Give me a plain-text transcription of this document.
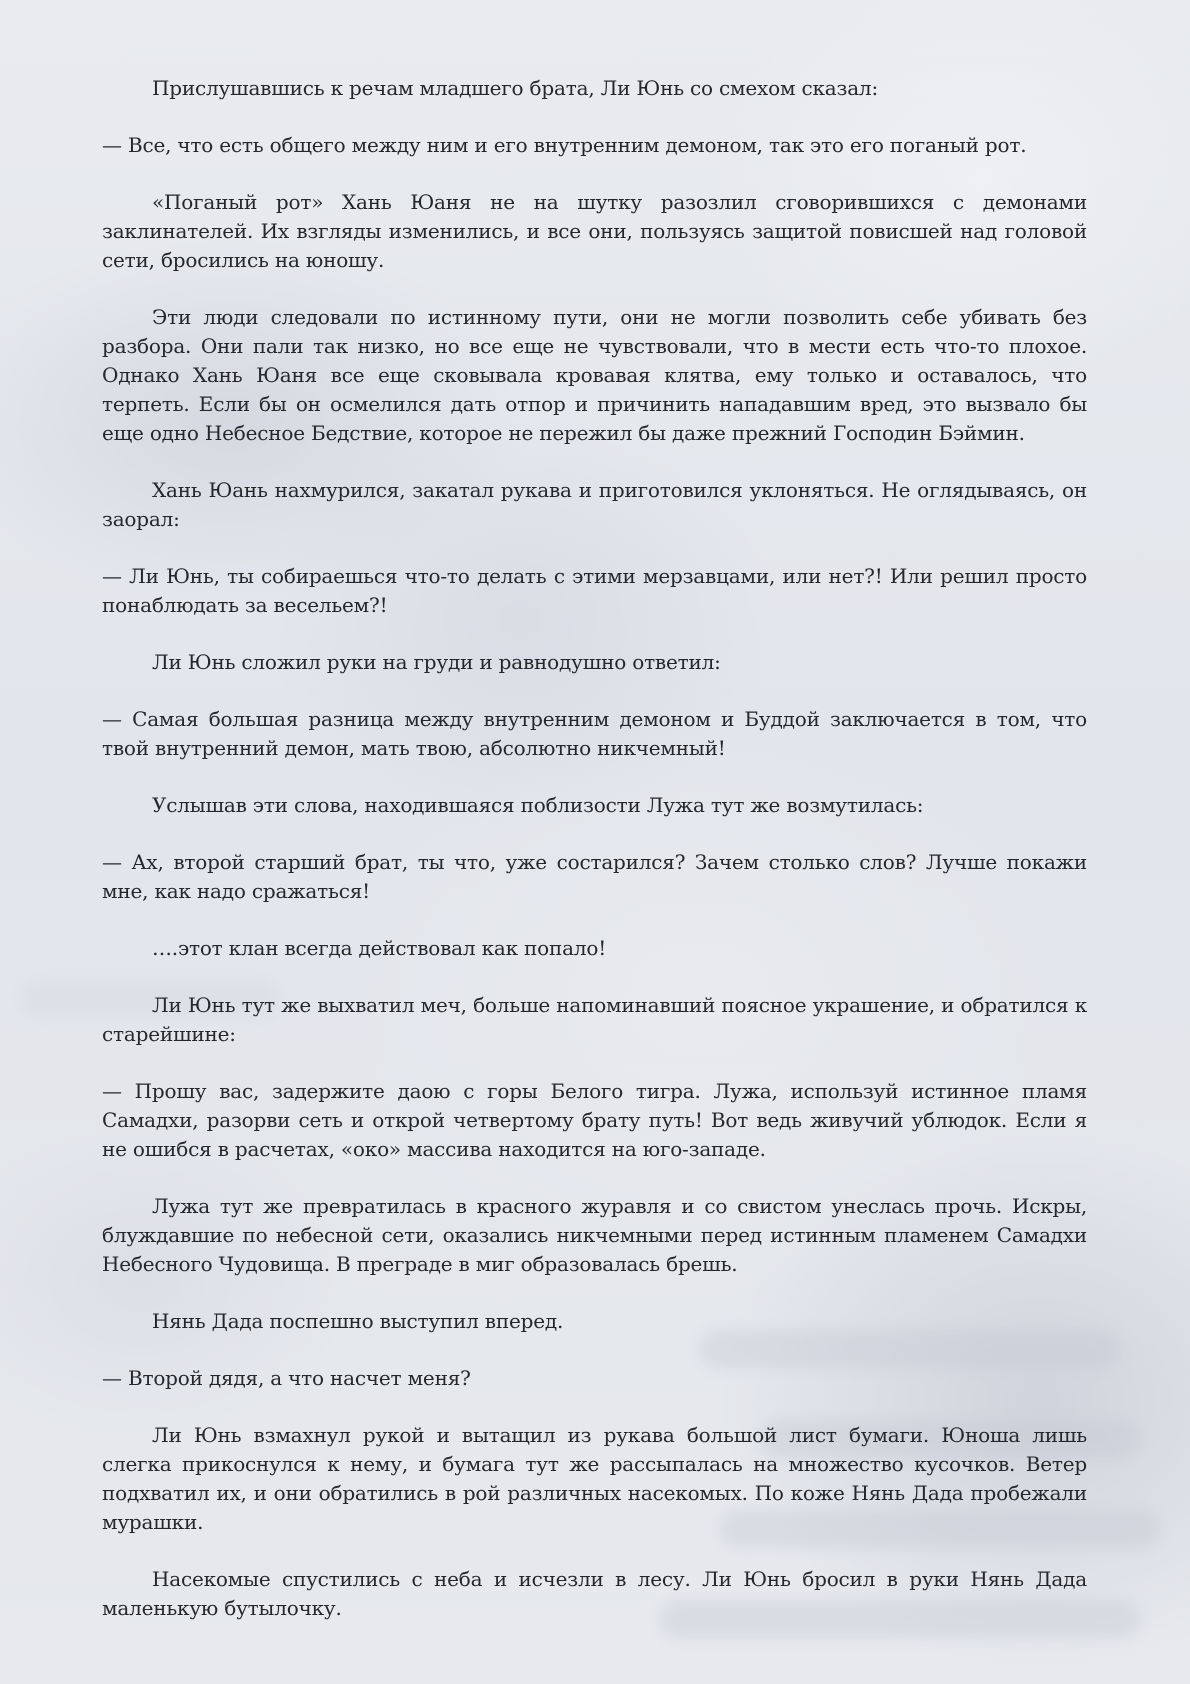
Прислушавшись к речам младшего брата, Ли Юнь со смехом сказал:

— Все, что есть общего между ним и его внутренним демоном, так это его поганый рот.

«Поганый рот» Хань Юаня не на шутку разозлил сговорившихся с демонами заклинателей. Их взгляды изменились, и все они, пользуясь защитой повисшей над головой сети, бросились на юношу.

Эти люди следовали по истинному пути, они не могли позволить себе убивать без разбора. Они пали так низко, но все еще не чувствовали, что в мести есть что-то плохое. Однако Хань Юаня все еще сковывала кровавая клятва, ему только и оставалось, что терпеть. Если бы он осмелился дать отпор и причинить нападавшим вред, это вызвало бы еще одно Небесное Бедствие, которое не пережил бы даже прежний Господин Бэймин.

Хань Юань нахмурился, закатал рукава и приготовился уклоняться. Не оглядываясь, он заорал:

— Ли Юнь, ты собираешься что-то делать с этими мерзавцами, или нет?! Или решил просто понаблюдать за весельем?!

Ли Юнь сложил руки на груди и равнодушно ответил:

— Самая большая разница между внутренним демоном и Буддой заключается в том, что твой внутренний демон, мать твою, абсолютно никчемный!

Услышав эти слова, находившаяся поблизости Лужа тут же возмутилась:

— Ах, второй старший брат, ты что, уже состарился? Зачем столько слов? Лучше покажи мне, как надо сражаться!

….этот клан всегда действовал как попало!

Ли Юнь тут же выхватил меч, больше напоминавший поясное украшение, и обратился к старейшине:

— Прошу вас, задержите даою с горы Белого тигра. Лужа, используй истинное пламя Самадхи, разорви сеть и открой четвертому брату путь! Вот ведь живучий ублюдок. Если я не ошибся в расчетах, «око» массива находится на юго-западе.

Лужа тут же превратилась в красного журавля и со свистом унеслась прочь. Искры, блуждавшие по небесной сети, оказались никчемными перед истинным пламенем Самадхи Небесного Чудовища. В преграде в миг образовалась брешь.

Нянь Дада поспешно выступил вперед.

— Второй дядя, а что насчет меня?

Ли Юнь взмахнул рукой и вытащил из рукава большой лист бумаги. Юноша лишь слегка прикоснулся к нему, и бумага тут же рассыпалась на множество кусочков. Ветер подхватил их, и они обратились в рой различных насекомых. По коже Нянь Дада пробежали мурашки.

Насекомые спустились с неба и исчезли в лесу. Ли Юнь бросил в руки Нянь Дада маленькую бутылочку.
